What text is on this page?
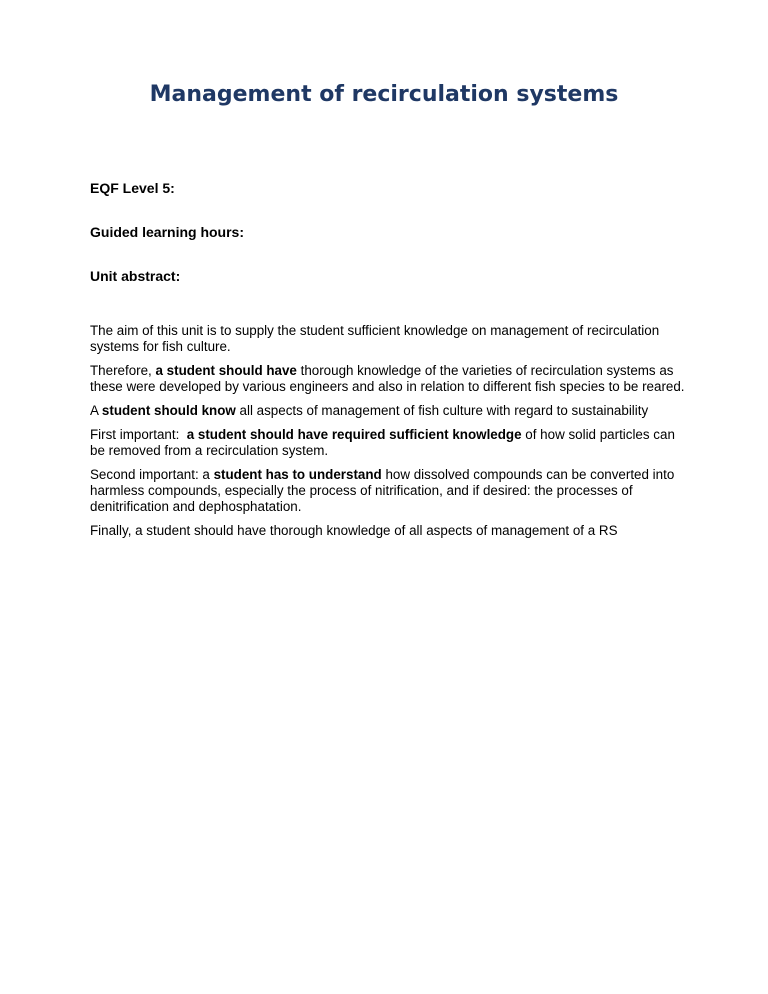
Management of recirculation systems

EQF Level 5:

Guided learning hours:

Unit abstract:

The aim of this unit is to supply the student sufficient knowledge on management of recirculation systems for fish culture.

Therefore, a student should have thorough knowledge of the varieties of recirculation systems as these were developed by various engineers and also in relation to different fish species to be reared.

A student should know all aspects of management of fish culture with regard to sustainability

First important:  a student should have required sufficient knowledge of how solid particles can be removed from a recirculation system.

Second important: a student has to understand how dissolved compounds can be converted into harmless compounds, especially the process of nitrification, and if desired: the processes of denitrification and dephosphatation.

Finally, a student should have thorough knowledge of all aspects of management of a RS
